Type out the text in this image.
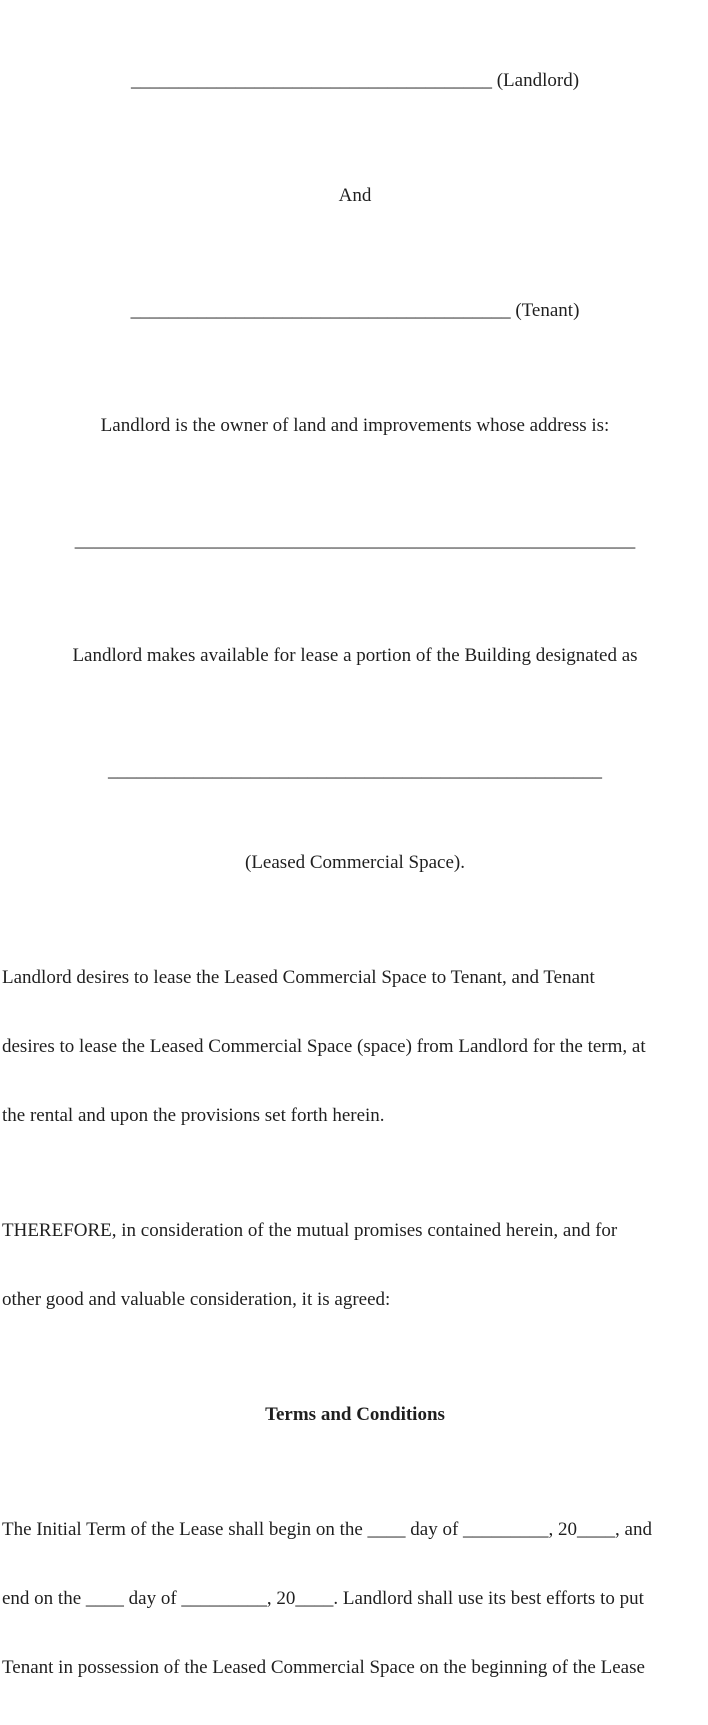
______________________________________ (Landlord)

And

________________________________________ (Tenant)

Landlord is the owner of land and improvements whose address is:

___________________________________________________________

Landlord makes available for lease a portion of the Building designated as

____________________________________________________

(Leased Commercial Space).

Landlord desires to lease the Leased Commercial Space to Tenant, and Tenant

desires to lease the Leased Commercial Space (space) from Landlord for the term, at

the rental and upon the provisions set forth herein.

THEREFORE, in consideration of the mutual promises contained herein, and for

other good and valuable consideration, it is agreed:

Terms and Conditions

The Initial Term of the Lease shall begin on the ____ day of _________, 20____, and

end on the ____ day of _________, 20____. Landlord shall use its best efforts to put

Tenant in possession of the Leased Commercial Space on the beginning of the Lease
